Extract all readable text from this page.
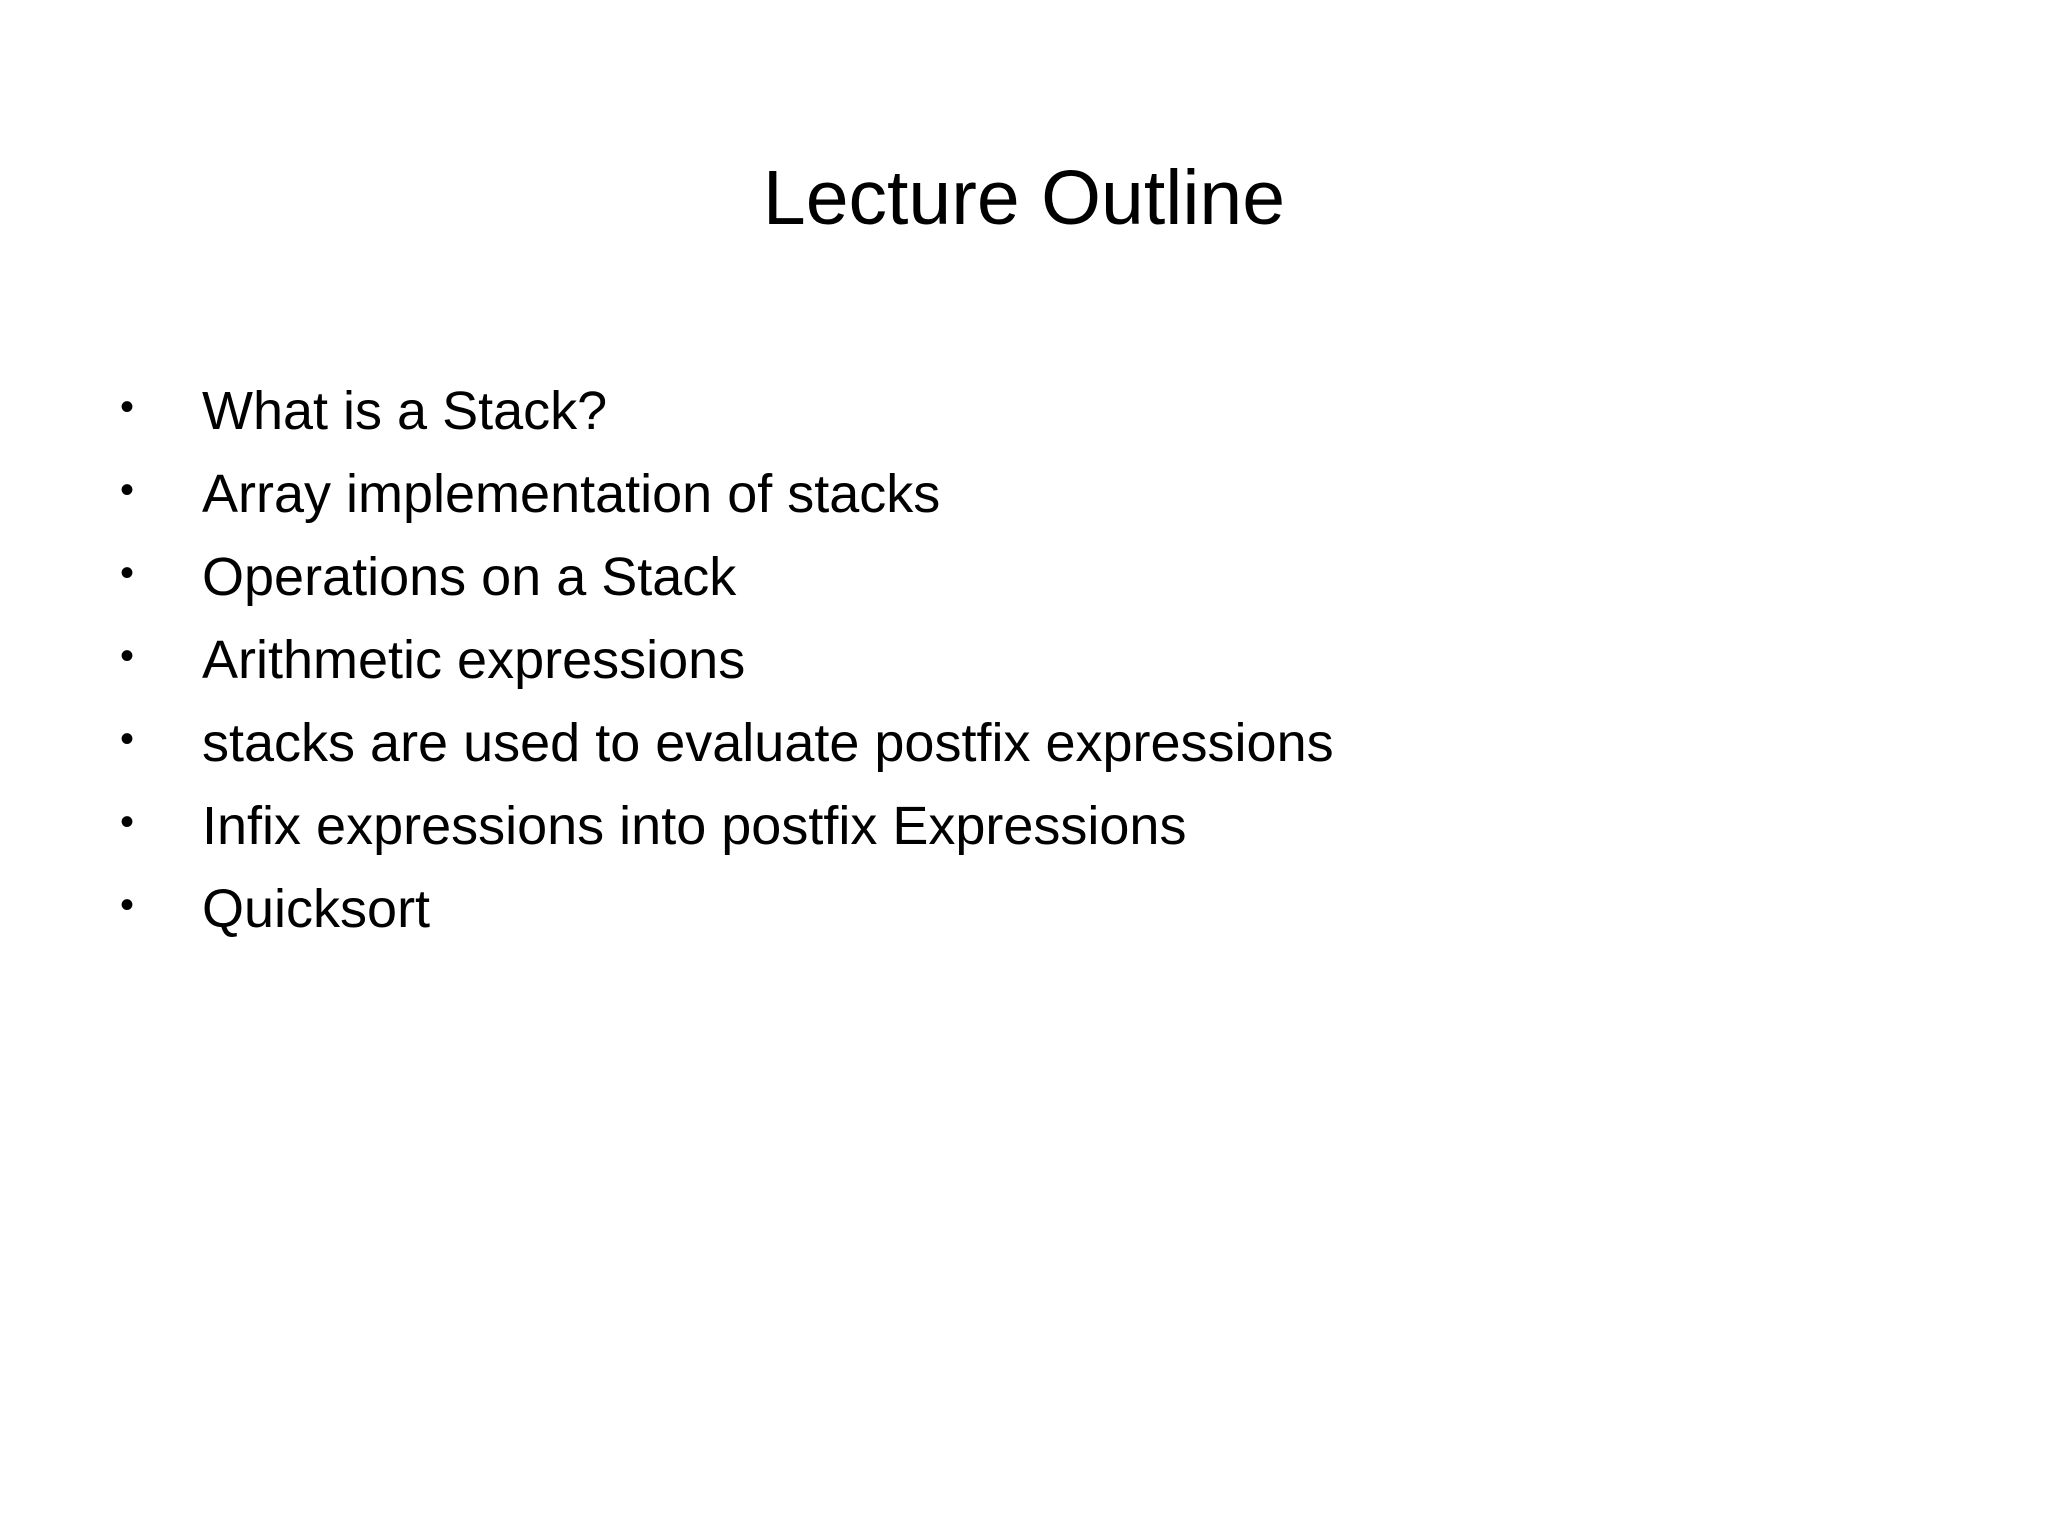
Lecture Outline
• What is a Stack?
• Array implementation of stacks
• Operations on a Stack
• Arithmetic expressions
• stacks are used to evaluate postfix expressions
• Infix expressions into postfix Expressions
• Quicksort
